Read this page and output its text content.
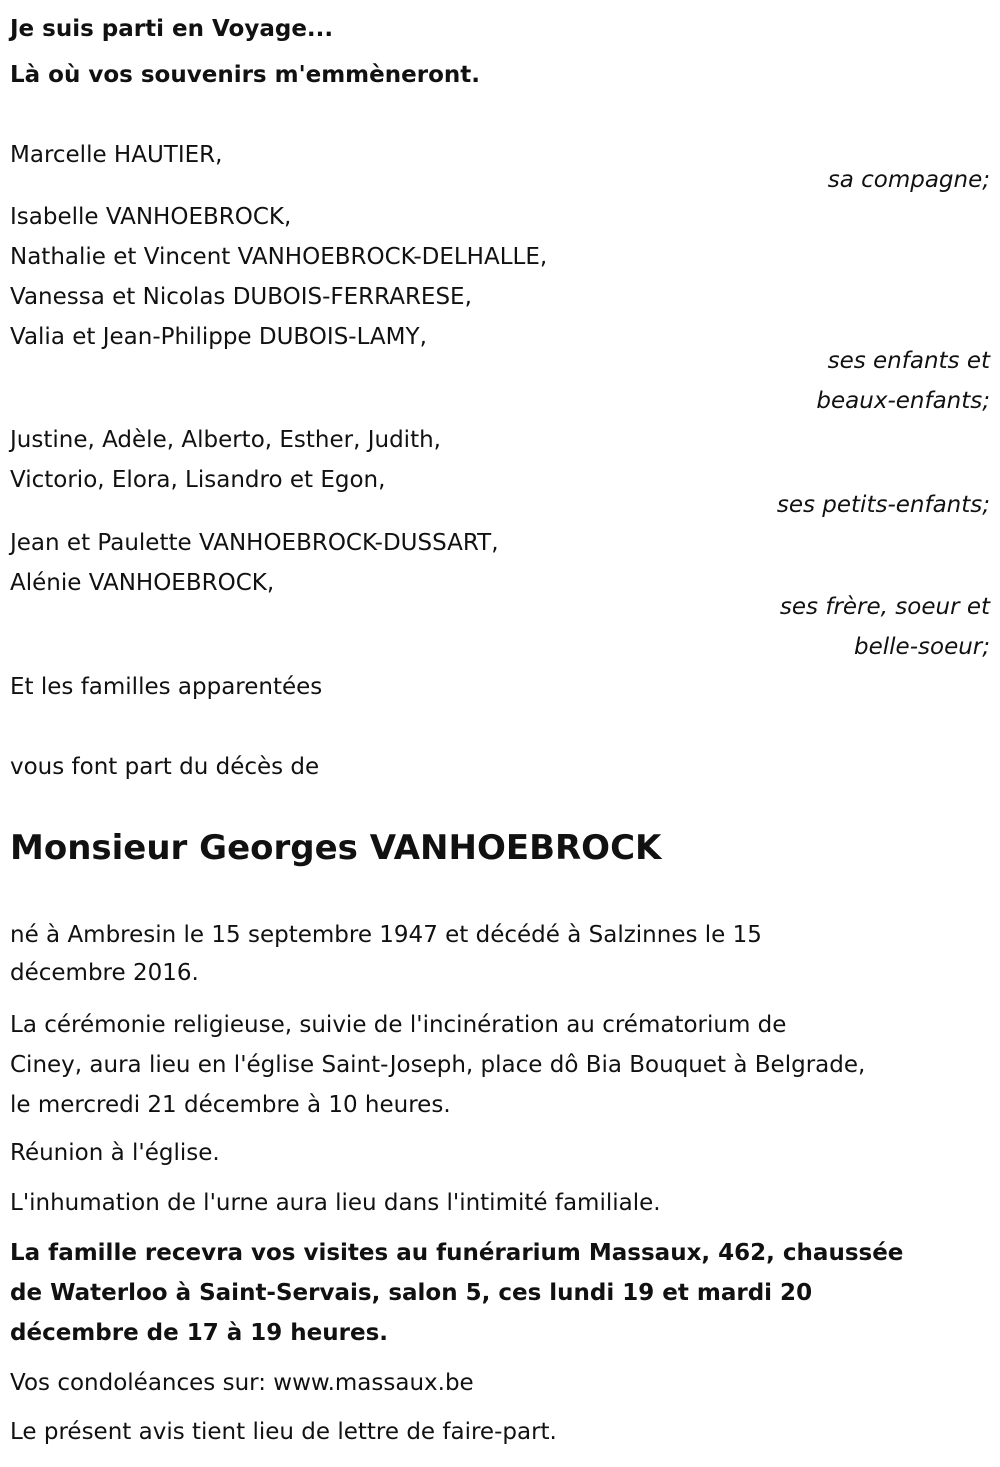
Je suis parti en Voyage...
Là où vos souvenirs m'emmèneront.
Marcelle HAUTIER,
sa compagne;
Isabelle VANHOEBROCK,
Nathalie et Vincent VANHOEBROCK-DELHALLE,
Vanessa et Nicolas DUBOIS-FERRARESE,
Valia et Jean-Philippe DUBOIS-LAMY,
ses enfants et
beaux-enfants;
Justine, Adèle, Alberto, Esther, Judith,
Victorio, Elora, Lisandro et Egon,
ses petits-enfants;
Jean et Paulette VANHOEBROCK-DUSSART,
Alénie VANHOEBROCK,
ses frère, soeur et
belle-soeur;
Et les familles apparentées
vous font part du décès de
Monsieur Georges VANHOEBROCK
né à Ambresin le 15 septembre 1947 et décédé à Salzinnes le 15
décembre 2016.
La cérémonie religieuse, suivie de l'incinération au crématorium de
Ciney, aura lieu en l'église Saint-Joseph, place dô Bia Bouquet à Belgrade,
le mercredi 21 décembre à 10 heures.
Réunion à l'église.
L'inhumation de l'urne aura lieu dans l'intimité familiale.
La famille recevra vos visites au funérarium Massaux, 462, chaussée
de Waterloo à Saint-Servais, salon 5, ces lundi 19 et mardi 20
décembre de 17 à 19 heures.
Vos condoléances sur: www.massaux.be
Le présent avis tient lieu de lettre de faire-part.
